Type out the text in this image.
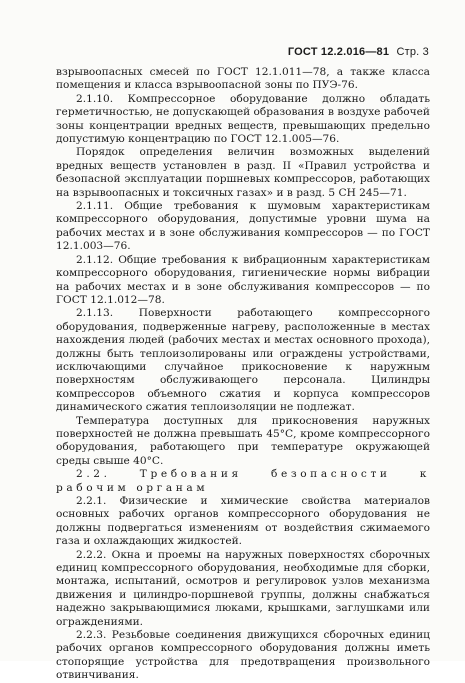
ГОСТ 12.2.016—81 Стр. 3

взрывоопасных смесей по ГОСТ 12.1.011—78, а также класса помещения и класса взрывоопасной зоны по ПУЭ-76.

2.1.10. Компрессорное оборудование должно обладать герметичностью, не допускающей образования в воздухе рабочей зоны концентрации вредных веществ, превышающих предельно допустимую концентрацию по ГОСТ 12.1.005—76.

Порядок определения величин возможных выделений вредных веществ установлен в разд. II «Правил устройства и безопасной эксплуатации поршневых компрессоров, работающих на взрывоопасных и токсичных газах» и в разд. 5 СН 245—71.

2.1.11. Общие требования к шумовым характеристикам компрессорного оборудования, допустимые уровни шума на рабочих местах и в зоне обслуживания компрессоров — по ГОСТ 12.1.003—76.

2.1.12. Общие требования к вибрационным характеристикам компрессорного оборудования, гигиенические нормы вибрации на рабочих местах и в зоне обслуживания компрессоров — по ГОСТ 12.1.012—78.

2.1.13. Поверхности работающего компрессорного оборудования, подверженные нагреву, расположенные в местах нахождения людей (рабочих местах и местах основного прохода), должны быть теплоизолированы или ограждены устройствами, исключающими случайное прикосновение к наружным поверхностям обслуживающего персонала. Цилиндры компрессоров объемного сжатия и корпуса компрессоров динамического сжатия теплоизоляции не подлежат.

Температура доступных для прикосновения наружных поверхностей не должна превышать 45°С, кроме компрессорного оборудования, работающего при температуре окружающей среды свыше 40°С.

2.2. Требования безопасности к рабочим органам

2.2.1. Физические и химические свойства материалов основных рабочих органов компрессорного оборудования не должны подвергаться изменениям от воздействия сжимаемого газа и охлаждающих жидкостей.

2.2.2. Окна и проемы на наружных поверхностях сборочных единиц компрессорного оборудования, необходимые для сборки, монтажа, испытаний, осмотров и регулировок узлов механизма движения и цилиндро-поршневой группы, должны снабжаться надежно закрывающимися люками, крышками, заглушками или ограждениями.

2.2.3. Резьбовые соединения движущихся сборочных единиц рабочих органов компрессорного оборудования должны иметь стопорящие устройства для предотвращения произвольного отвинчивания.
